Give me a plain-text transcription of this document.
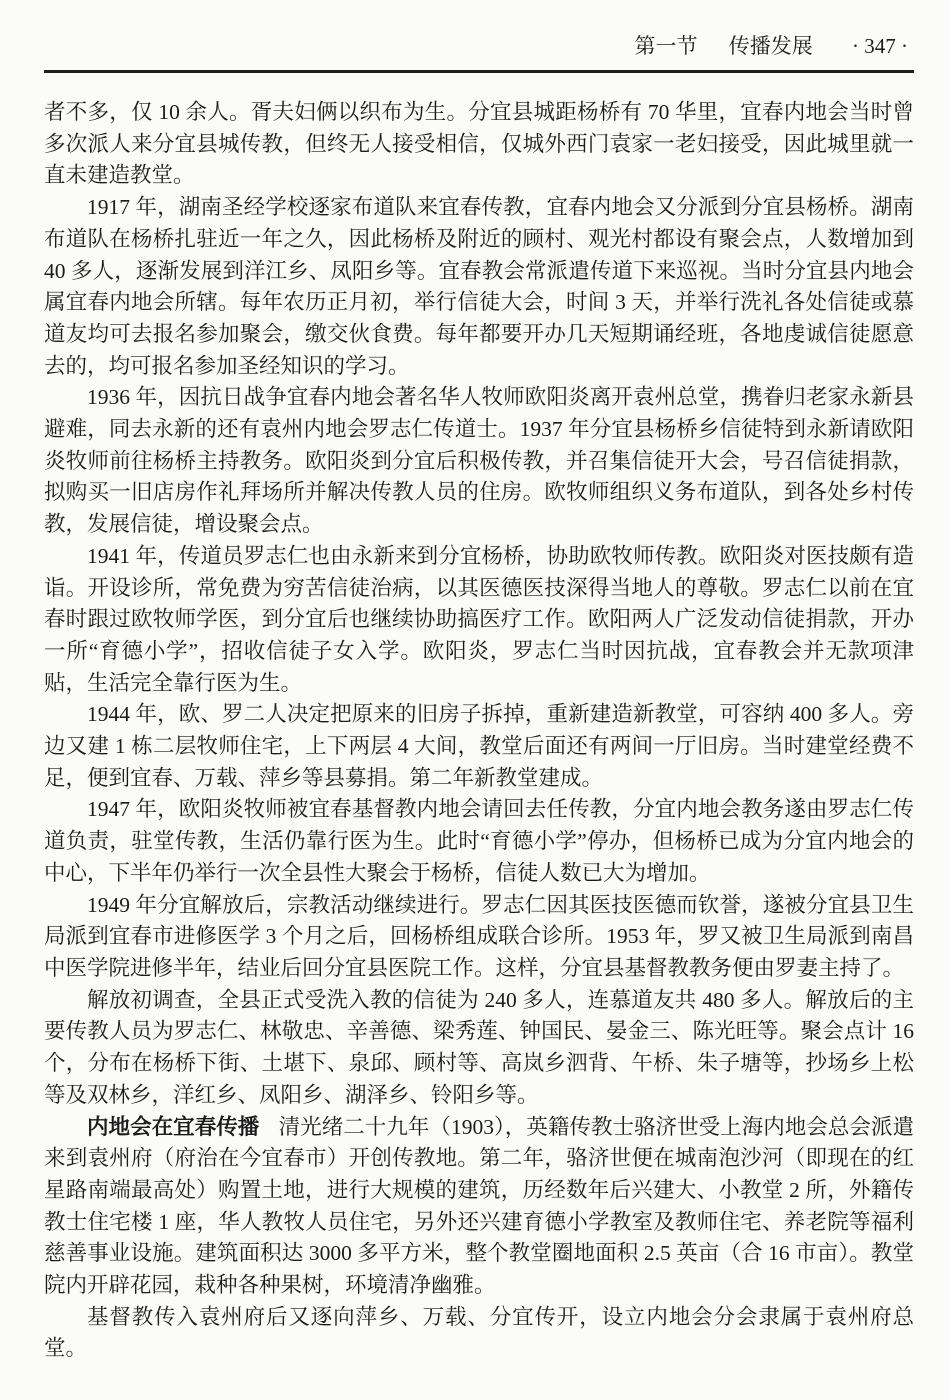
第一节 传播发展 · 347 ·

者不多，仅 10 余人。胥夫妇俩以织布为生。分宜县城距杨桥有 70 华里，宜春内地会当时曾多次派人来分宜县城传教，但终无人接受相信，仅城外西门袁家一老妇接受，因此城里就一直未建造教堂。

1917 年，湖南圣经学校逐家布道队来宜春传教，宜春内地会又分派到分宜县杨桥。湖南布道队在杨桥扎驻近一年之久，因此杨桥及附近的顾村、观光村都设有聚会点，人数增加到 40 多人，逐渐发展到洋江乡、凤阳乡等。宜春教会常派遣传道下来巡视。当时分宜县内地会属宜春内地会所辖。每年农历正月初，举行信徒大会，时间 3 天，并举行洗礼各处信徒或慕道友均可去报名参加聚会，缴交伙食费。每年都要开办几天短期诵经班，各地虔诚信徒愿意去的，均可报名参加圣经知识的学习。

1936 年，因抗日战争宜春内地会著名华人牧师欧阳炎离开袁州总堂，携眷归老家永新县避难，同去永新的还有袁州内地会罗志仁传道士。1937 年分宜县杨桥乡信徒特到永新请欧阳炎牧师前往杨桥主持教务。欧阳炎到分宜后积极传教，并召集信徒开大会，号召信徒捐款，拟购买一旧店房作礼拜场所并解决传教人员的住房。欧牧师组织义务布道队，到各处乡村传教，发展信徒，增设聚会点。

1941 年，传道员罗志仁也由永新来到分宜杨桥，协助欧牧师传教。欧阳炎对医技颇有造诣。开设诊所，常免费为穷苦信徒治病，以其医德医技深得当地人的尊敬。罗志仁以前在宜春时跟过欧牧师学医，到分宜后也继续协助搞医疗工作。欧阳两人广泛发动信徒捐款，开办一所“育德小学”，招收信徒子女入学。欧阳炎，罗志仁当时因抗战，宜春教会并无款项津贴，生活完全靠行医为生。

1944 年，欧、罗二人决定把原来的旧房子拆掉，重新建造新教堂，可容纳 400 多人。旁边又建 1 栋二层牧师住宅，上下两层 4 大间，教堂后面还有两间一厅旧房。当时建堂经费不足，便到宜春、万载、萍乡等县募捐。第二年新教堂建成。

1947 年，欧阳炎牧师被宜春基督教内地会请回去任传教，分宜内地会教务遂由罗志仁传道负责，驻堂传教，生活仍靠行医为生。此时“育德小学”停办，但杨桥已成为分宜内地会的中心，下半年仍举行一次全县性大聚会于杨桥，信徒人数已大为增加。

1949 年分宜解放后，宗教活动继续进行。罗志仁因其医技医德而钦誉，遂被分宜县卫生局派到宜春市进修医学 3 个月之后，回杨桥组成联合诊所。1953 年，罗又被卫生局派到南昌中医学院进修半年，结业后回分宜县医院工作。这样，分宜县基督教教务便由罗妻主持了。

解放初调查，全县正式受洗入教的信徒为 240 多人，连慕道友共 480 多人。解放后的主要传教人员为罗志仁、林敬忠、辛善德、梁秀莲、钟国民、晏金三、陈光旺等。聚会点计 16 个，分布在杨桥下街、土堪下、泉邱、顾村等、高岚乡泗背、午桥、朱子塘等，抄场乡上松等及双林乡，洋红乡、凤阳乡、湖泽乡、铃阳乡等。

内地会在宜春传播 清光绪二十九年（1903），英籍传教士骆济世受上海内地会总会派遣来到袁州府（府治在今宜春市）开创传教地。第二年，骆济世便在城南泡沙河（即现在的红星路南端最高处）购置土地，进行大规模的建筑，历经数年后兴建大、小教堂 2 所，外籍传教士住宅楼 1 座，华人教牧人员住宅，另外还兴建育德小学教室及教师住宅、养老院等福利慈善事业设施。建筑面积达 3000 多平方米，整个教堂圈地面积 2.5 英亩（合 16 市亩）。教堂院内开辟花园，栽种各种果树，环境清净幽雅。

基督教传入袁州府后又逐向萍乡、万载、分宜传开，设立内地会分会隶属于袁州府总堂。
